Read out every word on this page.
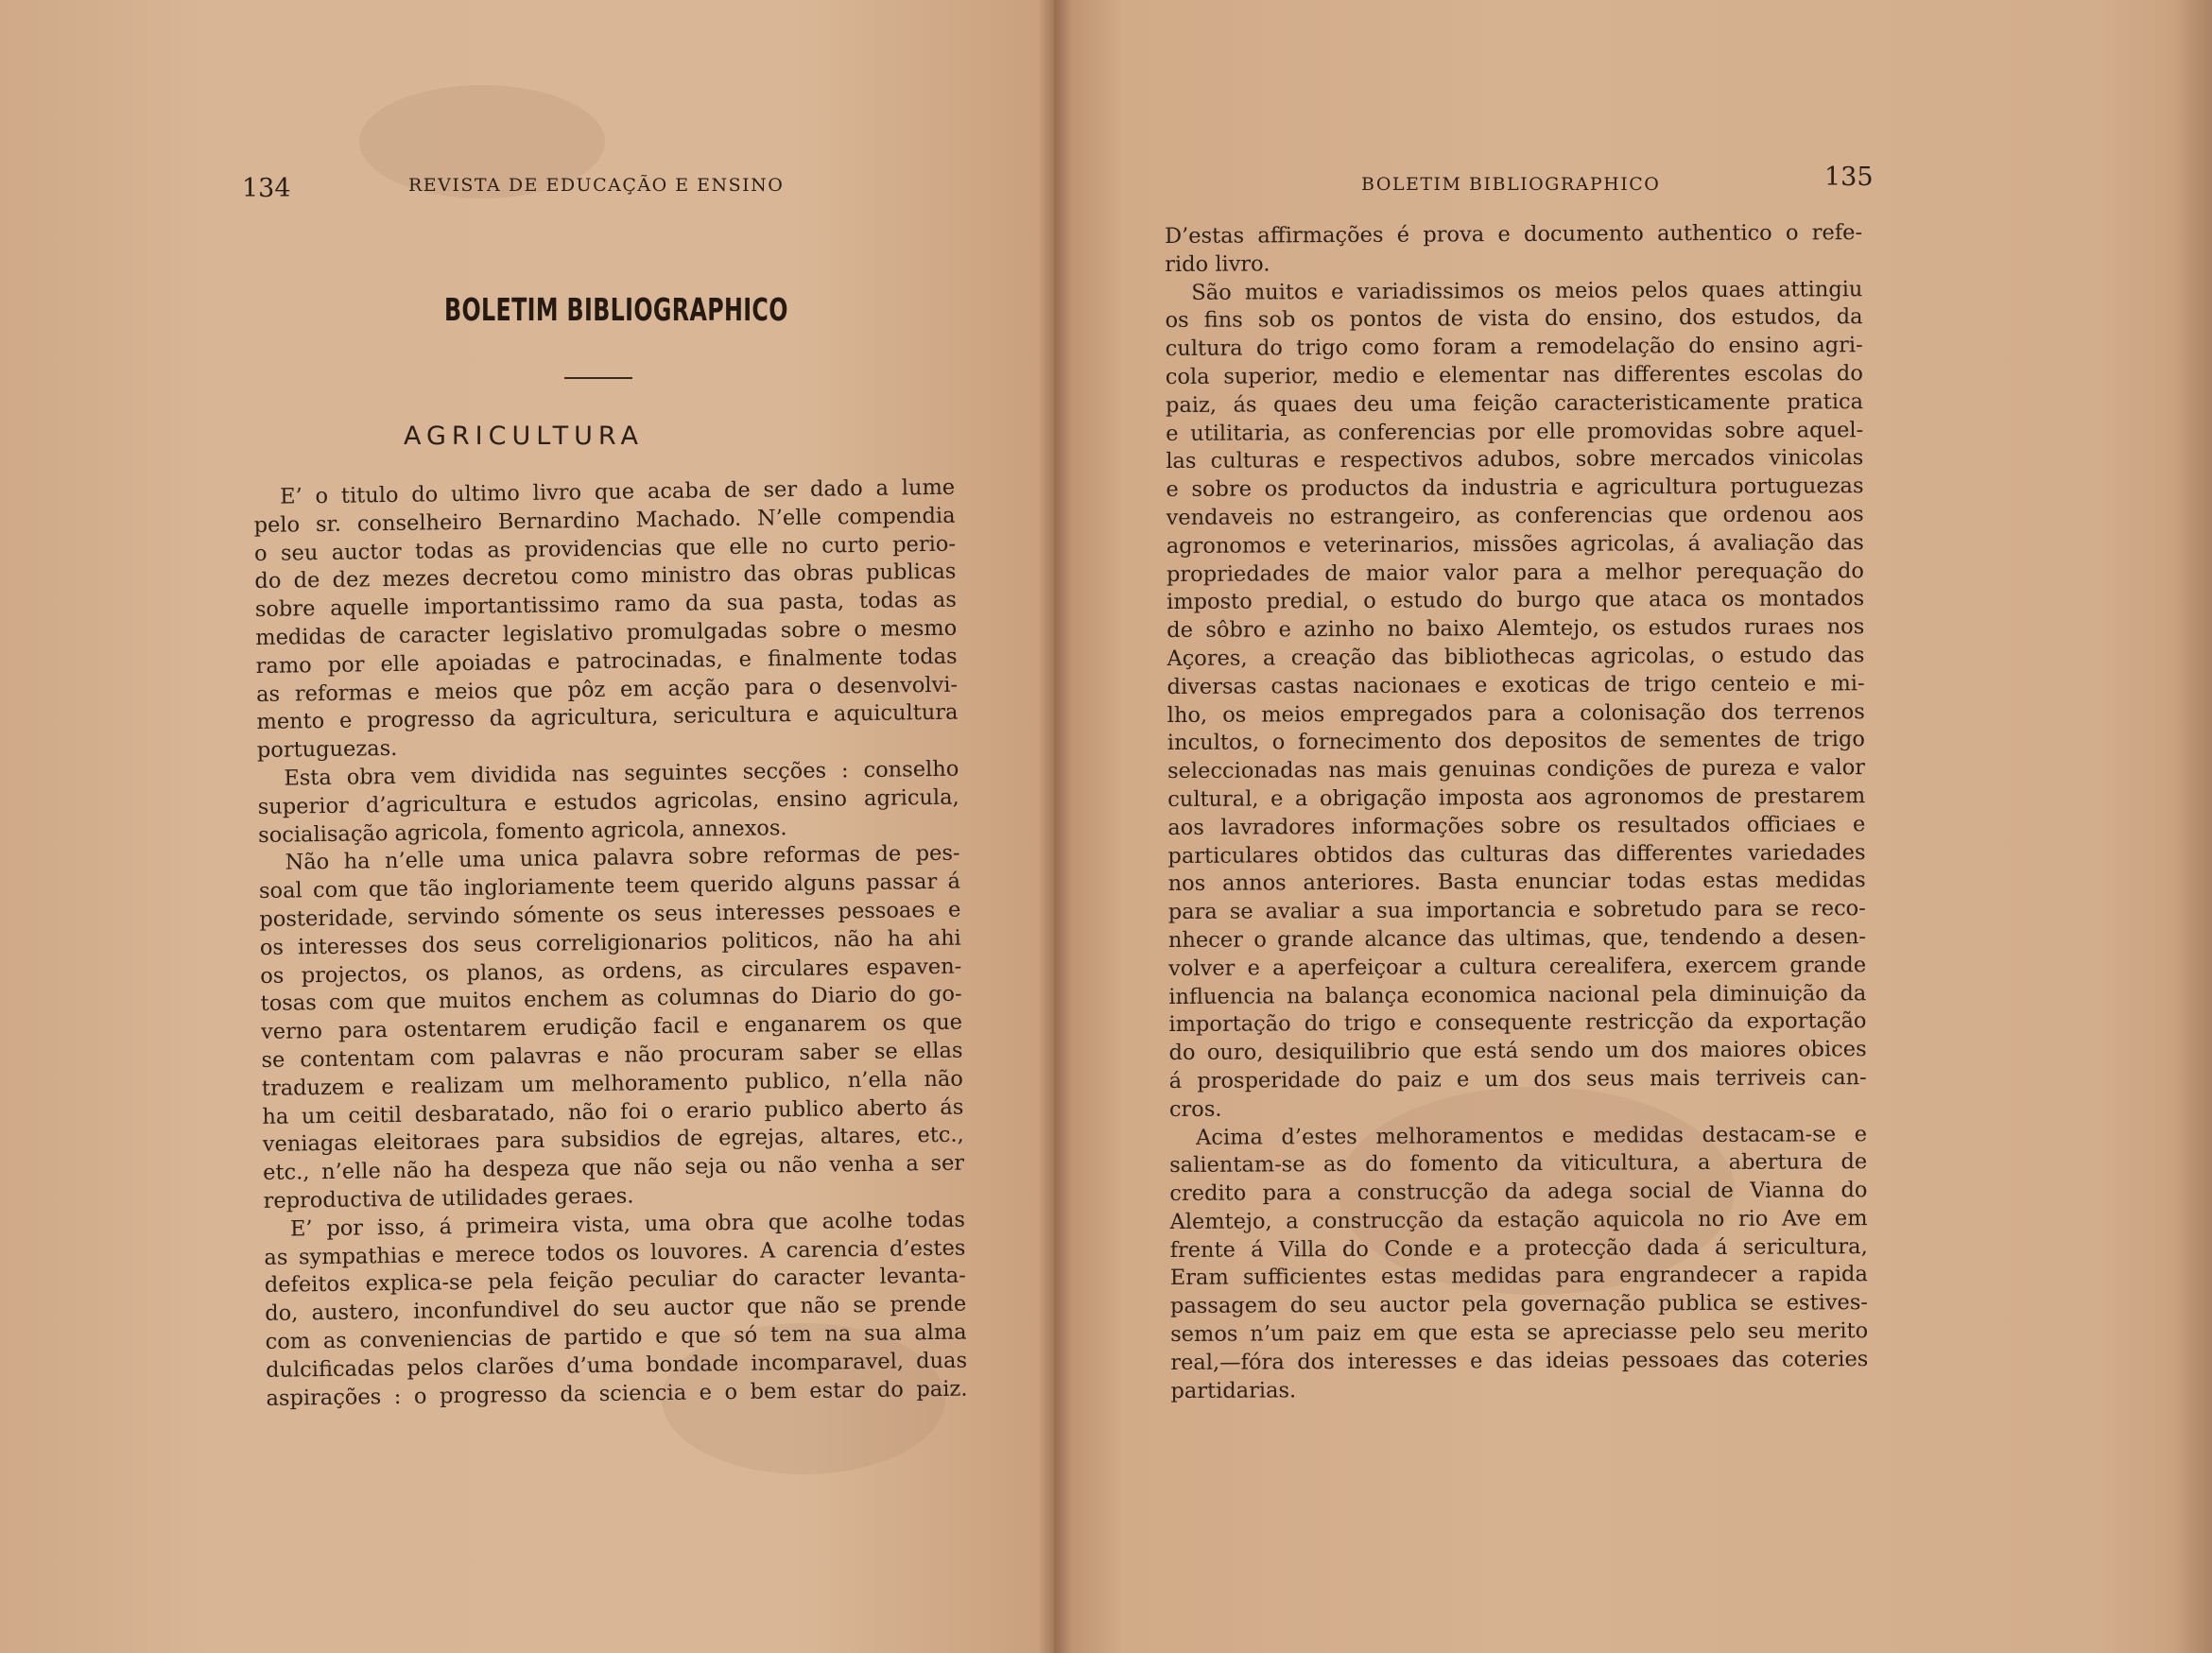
134	REVISTA DE EDUCAÇÃO E ENSINO
BOLETIM BIBLIOGRAPHICO
AGRICULTURA
E’ o titulo do ultimo livro que acaba de ser dado a lume
pelo sr. conselheiro Bernardino Machado. N’elle compendia
o seu auctor todas as providencias que elle no curto perio-
do de dez mezes decretou como ministro das obras publicas
sobre aquelle importantissimo ramo da sua pasta, todas as
medidas de caracter legislativo promulgadas sobre o mesmo
ramo por elle apoiadas e patrocinadas, e finalmente todas
as reformas e meios que pôz em acção para o desenvolvi-
mento e progresso da agricultura, sericultura e aquicultura
portuguezas.
Esta obra vem dividida nas seguintes secções : conselho
superior d’agricultura e estudos agricolas, ensino agricula,
socialisação agricola, fomento agricola, annexos.
Não ha n’elle uma unica palavra sobre reformas de pes-
soal com que tão ingloriamente teem querido alguns passar á
posteridade, servindo sómente os seus interesses pessoaes e
os interesses dos seus correligionarios politicos, não ha ahi
os projectos, os planos, as ordens, as circulares espaven-
tosas com que muitos enchem as columnas do Diario do go-
verno para ostentarem erudição facil e enganarem os que
se contentam com palavras e não procuram saber se ellas
traduzem e realizam um melhoramento publico, n’ella não
ha um ceitil desbaratado, não foi o erario publico aberto ás
veniagas eleitoraes para subsidios de egrejas, altares, etc.,
etc., n’elle não ha despeza que não seja ou não venha a ser
reproductiva de utilidades geraes.
E’ por isso, á primeira vista, uma obra que acolhe todas
as sympathias e merece todos os louvores. A carencia d’estes
defeitos explica-se pela feição peculiar do caracter levanta-
do, austero, inconfundivel do seu auctor que não se prende
com as conveniencias de partido e que só tem na sua alma
dulcificadas pelos clarões d’uma bondade incomparavel, duas
aspirações : o progresso da sciencia e o bem estar do paiz.
BOLETIM BIBLIOGRAPHICO	135
D’estas affirmações é prova e documento authentico o refe-
rido livro.
São muitos e variadissimos os meios pelos quaes attingiu
os fins sob os pontos de vista do ensino, dos estudos, da
cultura do trigo como foram a remodelação do ensino agri-
cola superior, medio e elementar nas differentes escolas do
paiz, ás quaes deu uma feição caracteristicamente pratica
e utilitaria, as conferencias por elle promovidas sobre aquel-
las culturas e respectivos adubos, sobre mercados vinicolas
e sobre os productos da industria e agricultura portuguezas
vendaveis no estrangeiro, as conferencias que ordenou aos
agronomos e veterinarios, missões agricolas, á avaliação das
propriedades de maior valor para a melhor perequação do
imposto predial, o estudo do burgo que ataca os montados
de sôbro e azinho no baixo Alemtejo, os estudos ruraes nos
Açores, a creação das bibliothecas agricolas, o estudo das
diversas castas nacionaes e exoticas de trigo centeio e mi-
lho, os meios empregados para a colonisação dos terrenos
incultos, o fornecimento dos depositos de sementes de trigo
seleccionadas nas mais genuinas condições de pureza e valor
cultural, e a obrigação imposta aos agronomos de prestarem
aos lavradores informações sobre os resultados officiaes e
particulares obtidos das culturas das differentes variedades
nos annos anteriores. Basta enunciar todas estas medidas
para se avaliar a sua importancia e sobretudo para se reco-
nhecer o grande alcance das ultimas, que, tendendo a desen-
volver e a aperfeiçoar a cultura cerealifera, exercem grande
influencia na balança economica nacional pela diminuição da
importação do trigo e consequente restricção da exportação
do ouro, desiquilibrio que está sendo um dos maiores obices
á prosperidade do paiz e um dos seus mais terriveis can-
cros.
Acima d’estes melhoramentos e medidas destacam-se e
salientam-se as do fomento da viticultura, a abertura de
credito para a construcção da adega social de Vianna do
Alemtejo, a construcção da estação aquicola no rio Ave em
frente á Villa do Conde e a protecção dada á sericultura,
Eram sufficientes estas medidas para engrandecer a rapida
passagem do seu auctor pela governação publica se estives-
semos n’um paiz em que esta se apreciasse pelo seu merito
real,—fóra dos interesses e das ideias pessoaes das coteries
partidarias.
